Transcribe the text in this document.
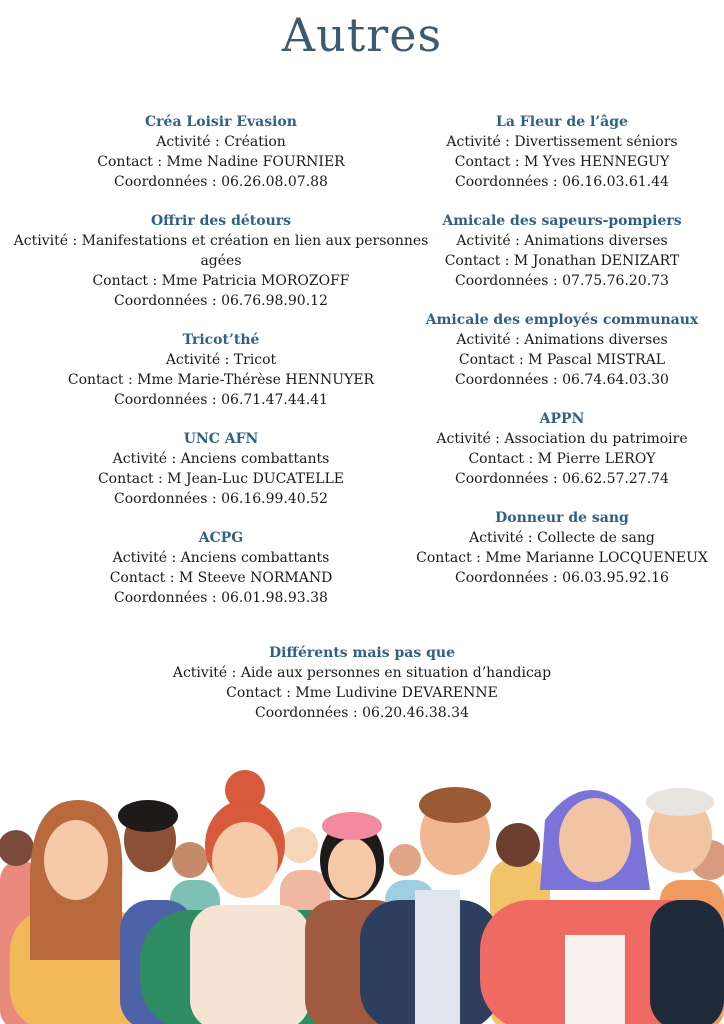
Autres
Créa Loisir Evasion
Activité : Création
Contact : Mme Nadine FOURNIER
Coordonnées : 06.26.08.07.88
Offrir des détours
Activité : Manifestations et création en lien aux personnes agées
Contact : Mme Patricia MOROZOFF
Coordonnées : 06.76.98.90.12
Tricot’thé
Activité : Tricot
Contact : Mme Marie-Thérèse HENNUYER
Coordonnées : 06.71.47.44.41
UNC AFN
Activité : Anciens combattants
Contact : M Jean-Luc DUCATELLE
Coordonnées : 06.16.99.40.52
ACPG
Activité : Anciens combattants
Contact : M Steeve NORMAND
Coordonnées : 06.01.98.93.38
La Fleur de l’âge
Activité : Divertissement séniors
Contact : M Yves HENNEGUY
Coordonnées : 06.16.03.61.44
Amicale des sapeurs-pompiers
Activité : Animations diverses
Contact : M Jonathan DENIZART
Coordonnées : 07.75.76.20.73
Amicale des employés communaux
Activité : Animations diverses
Contact : M Pascal MISTRAL
Coordonnées : 06.74.64.03.30
APPN
Activité : Association du patrimoire
Contact : M Pierre LEROY
Coordonnées : 06.62.57.27.74
Donneur de sang
Activité : Collecte de sang
Contact : Mme Marianne LOCQUENEUX
Coordonnées : 06.03.95.92.16
Différents mais pas que
Activité : Aide aux personnes en situation d’handicap
Contact : Mme Ludivine DEVARENNE
Coordonnées : 06.20.46.38.34
